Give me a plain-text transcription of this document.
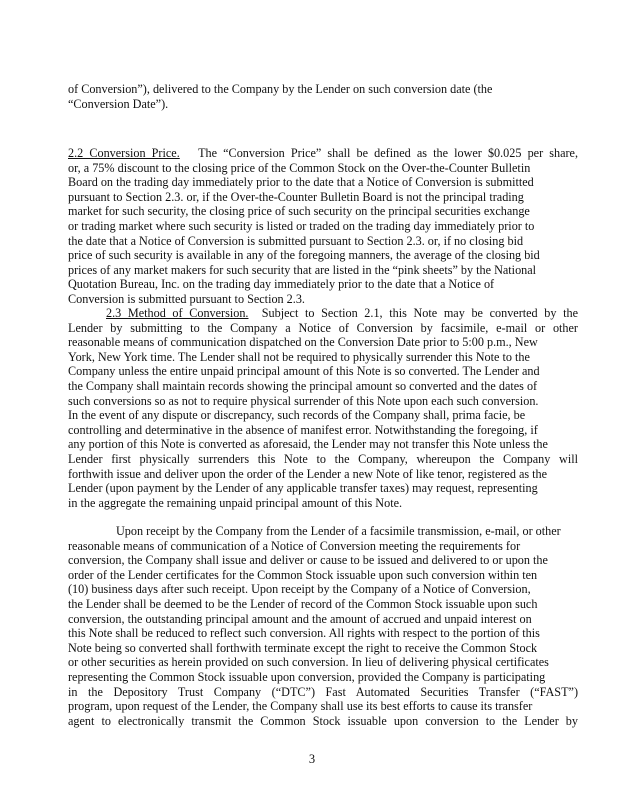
of Conversion”), delivered to the Company by the Lender on such conversion date (the
“Conversion Date”).

2.2 Conversion Price. The “Conversion Price” shall be defined as the lower $0.025 per share,
or, a 75% discount to the closing price of the Common Stock on the Over-the-Counter Bulletin
Board on the trading day immediately prior to the date that a Notice of Conversion is submitted
pursuant to Section 2.3. or, if the Over-the-Counter Bulletin Board is not the principal trading
market for such security, the closing price of such security on the principal securities exchange
or trading market where such security is listed or traded on the trading day immediately prior to
the date that a Notice of Conversion is submitted pursuant to Section 2.3. or, if no closing bid
price of such security is available in any of the foregoing manners, the average of the closing bid
prices of any market makers for such security that are listed in the “pink sheets” by the National
Quotation Bureau, Inc. on the trading day immediately prior to the date that a Notice of
Conversion is submitted pursuant to Section 2.3.

2.3 Method of Conversion. Subject to Section 2.1, this Note may be converted by the
Lender by submitting to the Company a Notice of Conversion by facsimile, e-mail or other
reasonable means of communication dispatched on the Conversion Date prior to 5:00 p.m., New
York, New York time. The Lender shall not be required to physically surrender this Note to the
Company unless the entire unpaid principal amount of this Note is so converted. The Lender and
the Company shall maintain records showing the principal amount so converted and the dates of
such conversions so as not to require physical surrender of this Note upon each such conversion.
In the event of any dispute or discrepancy, such records of the Company shall, prima facie, be
controlling and determinative in the absence of manifest error. Notwithstanding the foregoing, if
any portion of this Note is converted as aforesaid, the Lender may not transfer this Note unless the
Lender first physically surrenders this Note to the Company, whereupon the Company will
forthwith issue and deliver upon the order of the Lender a new Note of like tenor, registered as the
Lender (upon payment by the Lender of any applicable transfer taxes) may request, representing
in the aggregate the remaining unpaid principal amount of this Note.

Upon receipt by the Company from the Lender of a facsimile transmission, e-mail, or other
reasonable means of communication of a Notice of Conversion meeting the requirements for
conversion, the Company shall issue and deliver or cause to be issued and delivered to or upon the
order of the Lender certificates for the Common Stock issuable upon such conversion within ten
(10) business days after such receipt. Upon receipt by the Company of a Notice of Conversion,
the Lender shall be deemed to be the Lender of record of the Common Stock issuable upon such
conversion, the outstanding principal amount and the amount of accrued and unpaid interest on
this Note shall be reduced to reflect such conversion. All rights with respect to the portion of this
Note being so converted shall forthwith terminate except the right to receive the Common Stock
or other securities as herein provided on such conversion. In lieu of delivering physical certificates
representing the Common Stock issuable upon conversion, provided the Company is participating
in the Depository Trust Company (“DTC”) Fast Automated Securities Transfer (“FAST”)
program, upon request of the Lender, the Company shall use its best efforts to cause its transfer
agent to electronically transmit the Common Stock issuable upon conversion to the Lender by

3
